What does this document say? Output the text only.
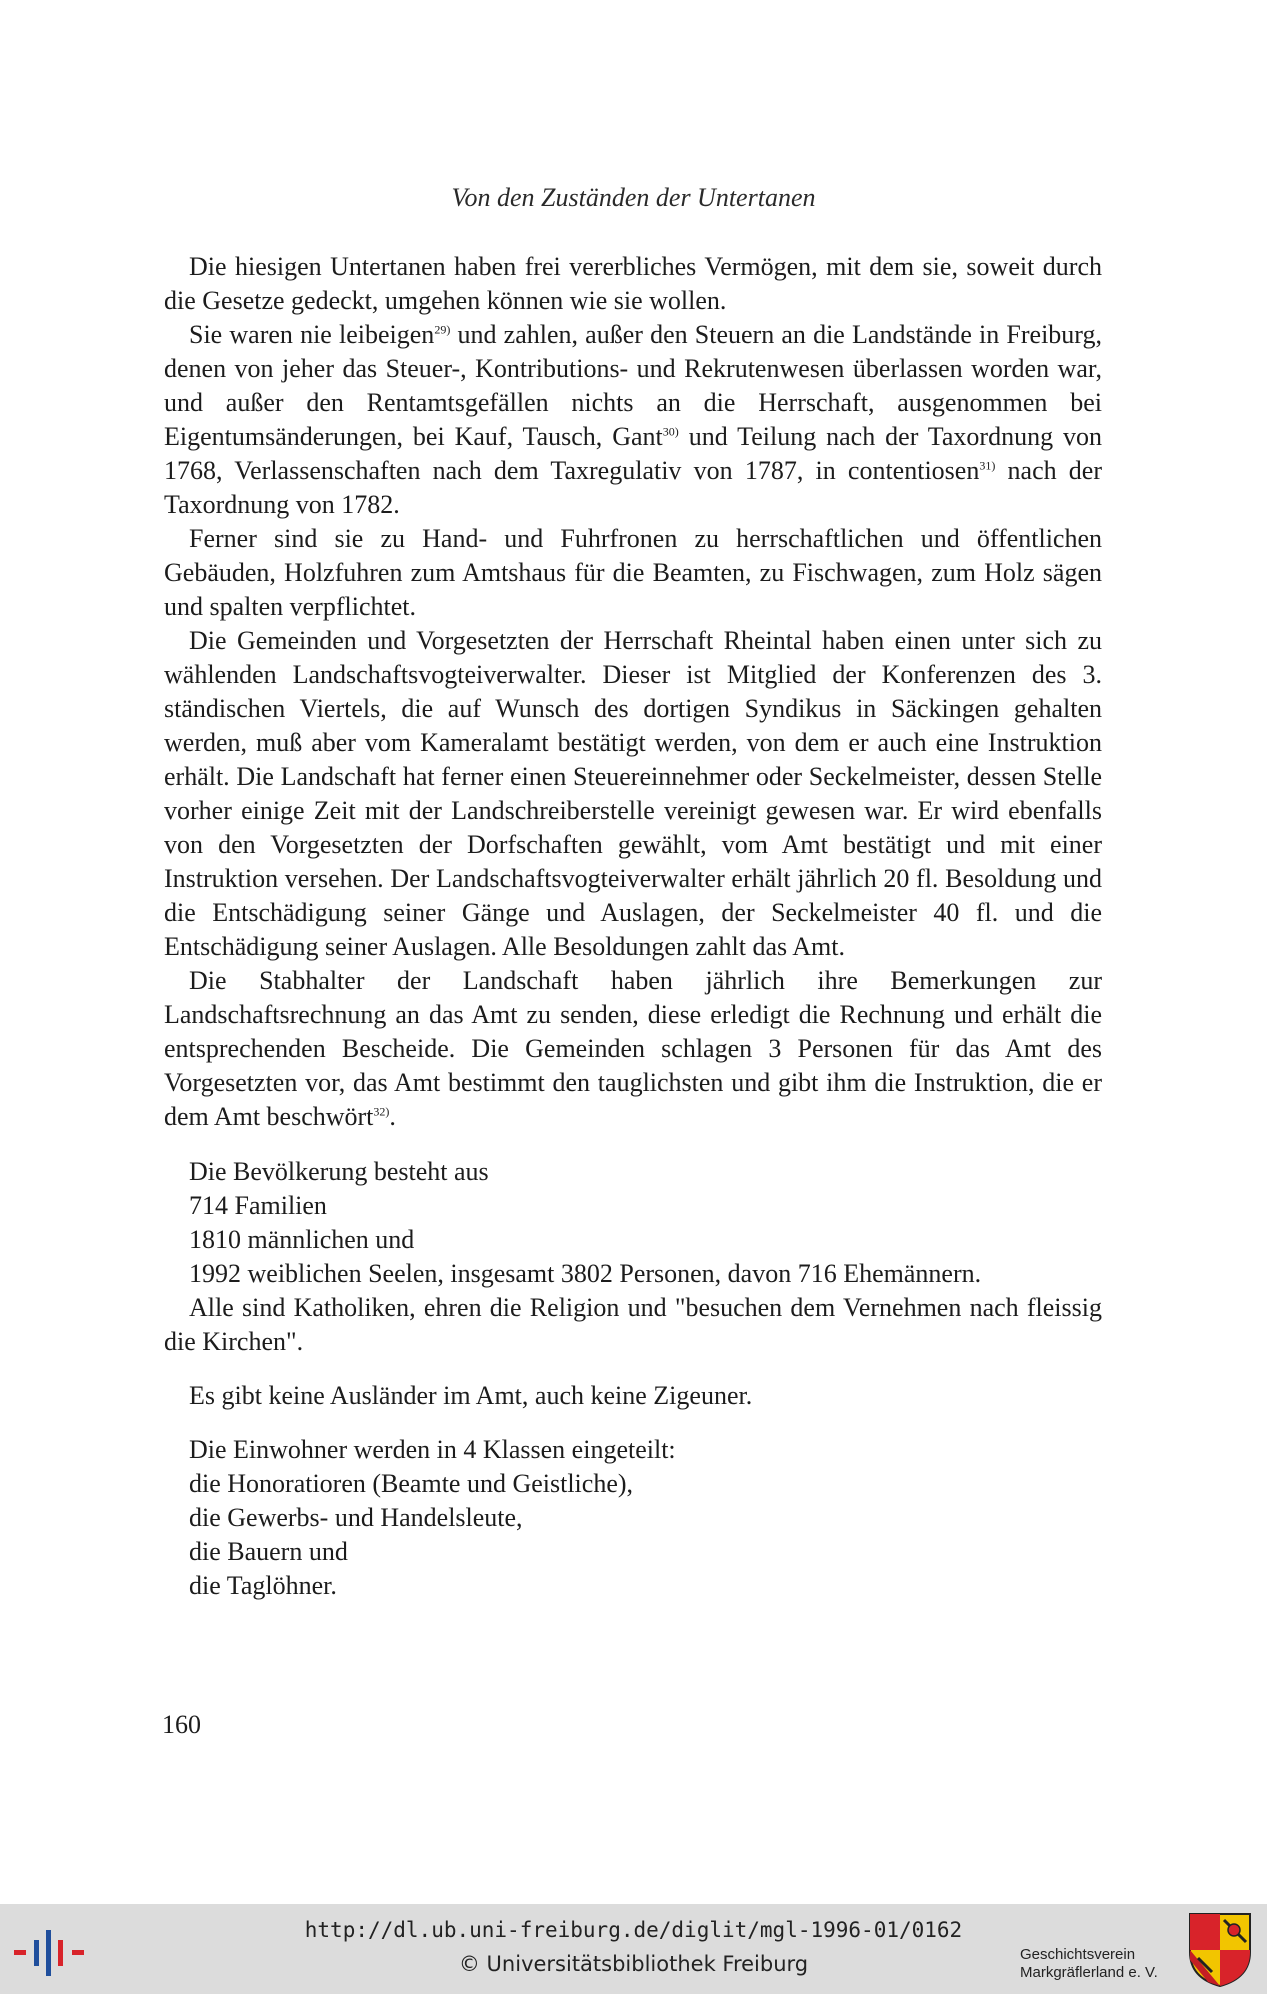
Von den Zuständen der Untertanen

Die hiesigen Untertanen haben frei vererbliches Vermögen, mit dem sie, soweit durch die Gesetze gedeckt, umgehen können wie sie wollen.

Sie waren nie leibeigen$^{29)}$ und zahlen, außer den Steuern an die Landstände in Freiburg, denen von jeher das Steuer-, Kontributions- und Rekrutenwesen überlassen worden war, und außer den Rentamtsgefällen nichts an die Herrschaft, ausgenommen bei Eigentumsänderungen, bei Kauf, Tausch, Gant$^{30)}$ und Teilung nach der Taxordnung von 1768, Verlassenschaften nach dem Taxregulativ von 1787, in contentiosen$^{31)}$ nach der Taxordnung von 1782.

Ferner sind sie zu Hand- und Fuhrfronen zu herrschaftlichen und öffentlichen Gebäuden, Holzfuhren zum Amtshaus für die Beamten, zu Fischwagen, zum Holz sägen und spalten verpflichtet.

Die Gemeinden und Vorgesetzten der Herrschaft Rheintal haben einen unter sich zu wählenden Landschaftsvogteiverwalter. Dieser ist Mitglied der Konferenzen des 3. ständischen Viertels, die auf Wunsch des dortigen Syndikus in Säckingen gehalten werden, muß aber vom Kameralamt bestätigt werden, von dem er auch eine Instruktion erhält. Die Landschaft hat ferner einen Steuereinnehmer oder Seckelmeister, dessen Stelle vorher einige Zeit mit der Landschreiberstelle vereinigt gewesen war. Er wird ebenfalls von den Vorgesetzten der Dorfschaften gewählt, vom Amt bestätigt und mit einer Instruktion versehen. Der Landschaftsvogteiverwalter erhält jährlich 20 fl. Besoldung und die Entschädigung seiner Gänge und Auslagen, der Seckelmeister 40 fl. und die Entschädigung seiner Auslagen. Alle Besoldungen zahlt das Amt.

Die Stabhalter der Landschaft haben jährlich ihre Bemerkungen zur Landschaftsrechnung an das Amt zu senden, diese erledigt die Rechnung und erhält die entsprechenden Bescheide. Die Gemeinden schlagen 3 Personen für das Amt des Vorgesetzten vor, das Amt bestimmt den tauglichsten und gibt ihm die Instruktion, die er dem Amt beschwört$^{32)}$.

Die Bevölkerung besteht aus

714 Familien

1810 männlichen und

1992 weiblichen Seelen, insgesamt 3802 Personen, davon 716 Ehemännern.

Alle sind Katholiken, ehren die Religion und "besuchen dem Vernehmen nach fleissig die Kirchen".

Es gibt keine Ausländer im Amt, auch keine Zigeuner.

Die Einwohner werden in 4 Klassen eingeteilt:

die Honoratioren (Beamte und Geistliche),

die Gewerbs- und Handelsleute,

die Bauern und

die Taglöhner.

160
http://dl.ub.uni-freiburg.de/diglit/mgl-1996-01/0162
© Universitätsbibliothek Freiburg	Geschichtsverein
Markgräflerland e. V.
